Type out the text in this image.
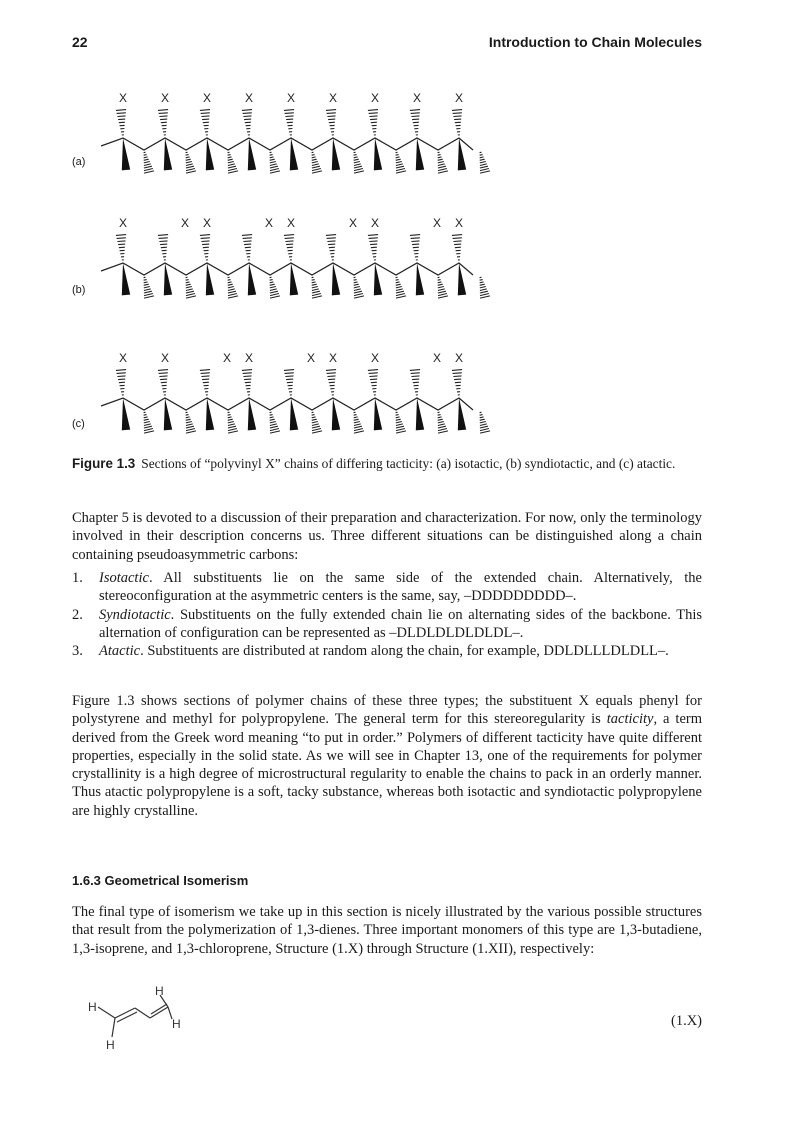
22	Introduction to Chain Molecules
X	X	X	X	X	X	X	X	X
X	X X	X X	X X	X X
X	X	X X	X X	X	X X
(a)
(b)
(c)
Figure 1.3 Sections of “polyvinyl X” chains of differing tacticity: (a) isotactic, (b) syndiotactic, and (c) atactic.
Chapter 5 is devoted to a discussion of their preparation and characterization. For now, only the terminology involved in their description concerns us. Three different situations can be distinguished along a chain containing pseudoasymmetric carbons:
1. Isotactic. All substituents lie on the same side of the extended chain. Alternatively, the stereoconfiguration at the asymmetric centers is the same, say, –DDDDDDDDD–.
2. Syndiotactic. Substituents on the fully extended chain lie on alternating sides of the backbone. This alternation of configuration can be represented as –DLDLDLDLDLDL–.
3. Atactic. Substituents are distributed at random along the chain, for example, DDLDLLLDLDLL–.
Figure 1.3 shows sections of polymer chains of these three types; the substituent X equals phenyl for polystyrene and methyl for polypropylene. The general term for this stereoregularity is tacticity, a term derived from the Greek word meaning “to put in order.” Polymers of different tacticity have quite different properties, especially in the solid state. As we will see in Chapter 13, one of the requirements for polymer crystallinity is a high degree of microstructural regularity to enable the chains to pack in an orderly manner. Thus atactic polypropylene is a soft, tacky substance, whereas both isotactic and syndiotactic polypropylene are highly crystalline.
1.6.3 Geometrical Isomerism
The final type of isomerism we take up in this section is nicely illustrated by the various possible structures that result from the polymerization of 1,3-dienes. Three important monomers of this type are 1,3-butadiene, 1,3-isoprene, and 1,3-chloroprene, Structure (1.X) through Structure (1.XII), respectively:
H
H
H
H
(1.X)
